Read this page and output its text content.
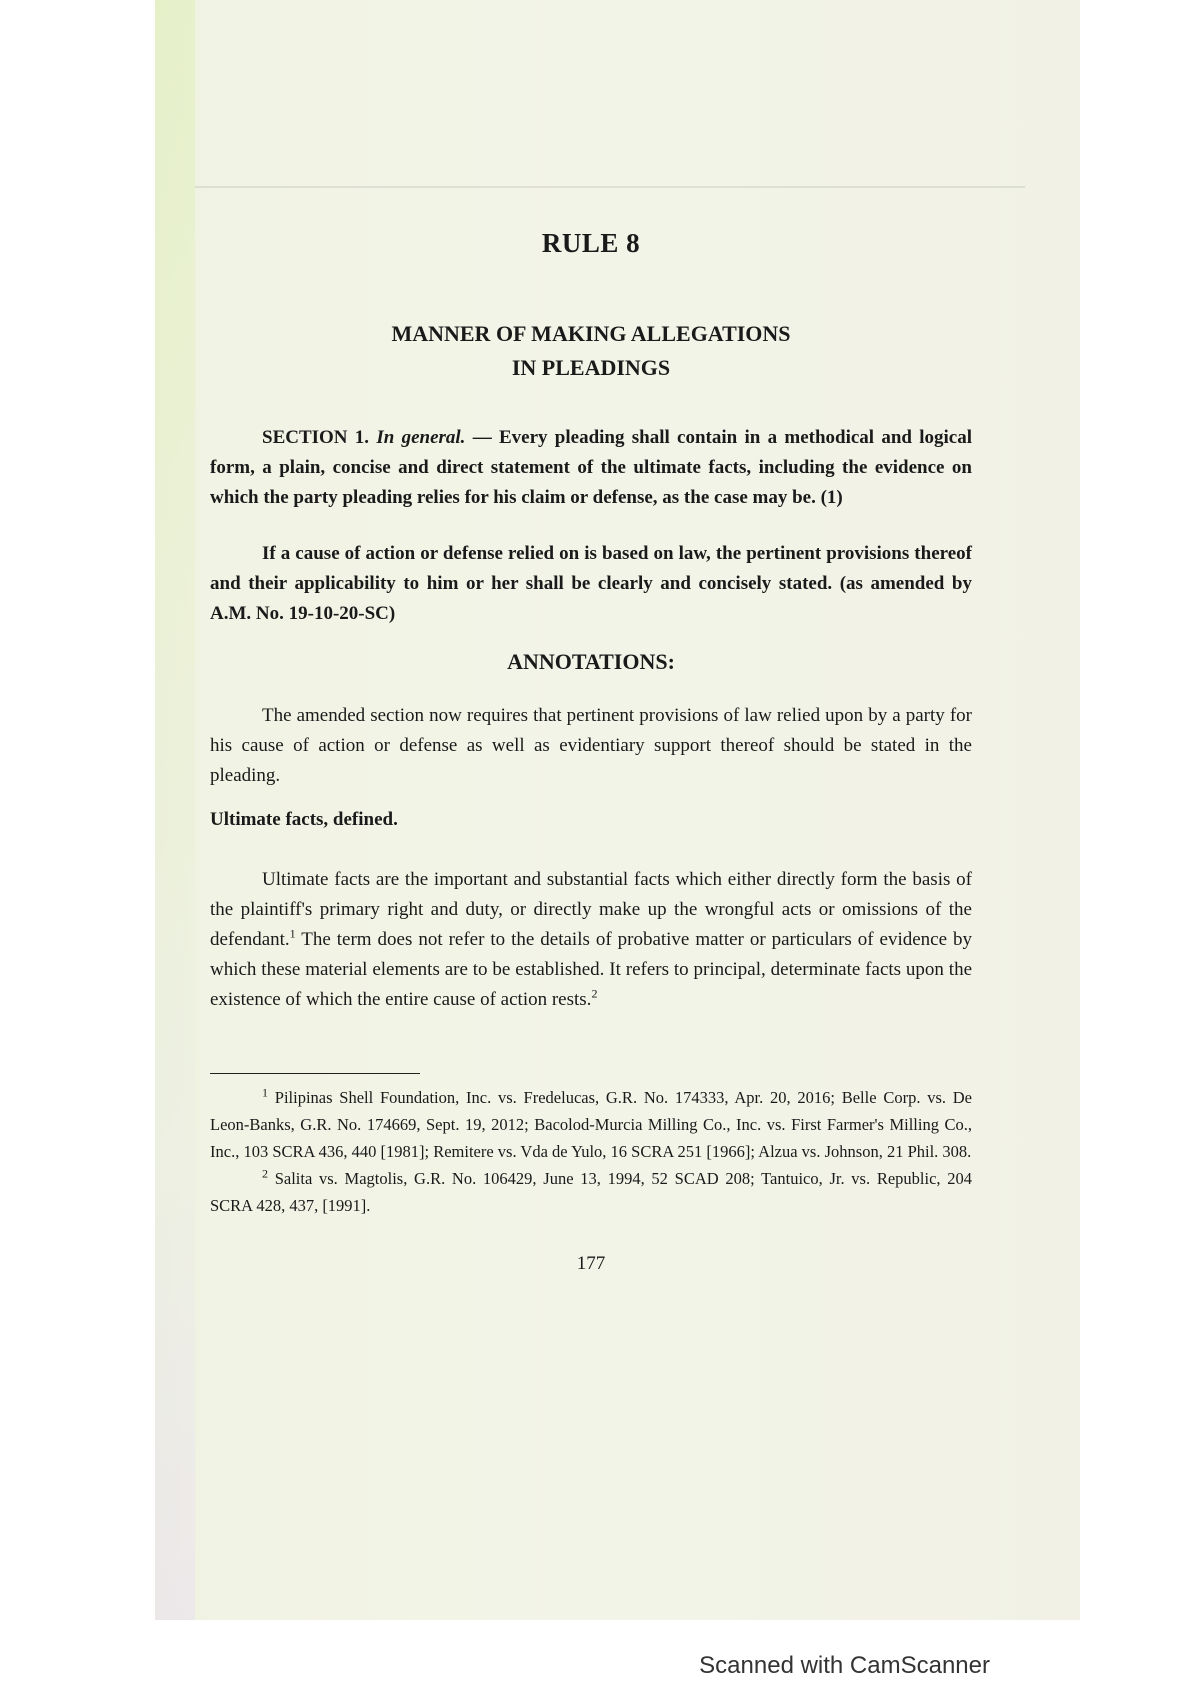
RULE 8
MANNER OF MAKING ALLEGATIONS
IN PLEADINGS

SECTION 1. In general. — Every pleading shall contain in a methodical and logical form, a plain, concise and direct statement of the ultimate facts, including the evidence on which the party pleading relies for his claim or defense, as the case may be. (1)

If a cause of action or defense relied on is based on law, the pertinent provisions thereof and their applicability to him or her shall be clearly and concisely stated. (as amended by A.M. No. 19-10-20-SC)

ANNOTATIONS:

The amended section now requires that pertinent provisions of law relied upon by a party for his cause of action or defense as well as evidentiary support thereof should be stated in the pleading.

Ultimate facts, defined.

Ultimate facts are the important and substantial facts which either directly form the basis of the plaintiff's primary right and duty, or directly make up the wrongful acts or omissions of the defendant.$^1$ The term does not refer to the details of probative matter or particulars of evidence by which these material elements are to be established. It refers to principal, determinate facts upon the existence of which the entire cause of action rests.$^2$

$^1$ Pilipinas Shell Foundation, Inc. vs. Fredelucas, G.R. No. 174333, Apr. 20, 2016; Belle Corp. vs. De Leon-Banks, G.R. No. 174669, Sept. 19, 2012; Bacolod-Murcia Milling Co., Inc. vs. First Farmer's Milling Co., Inc., 103 SCRA 436, 440 [1981]; Remitere vs. Vda de Yulo, 16 SCRA 251 [1966]; Alzua vs. Johnson, 21 Phil. 308.

$^2$ Salita vs. Magtolis, G.R. No. 106429, June 13, 1994, 52 SCAD 208; Tantuico, Jr. vs. Republic, 204 SCRA 428, 437, [1991].

177
Scanned with CamScanner
